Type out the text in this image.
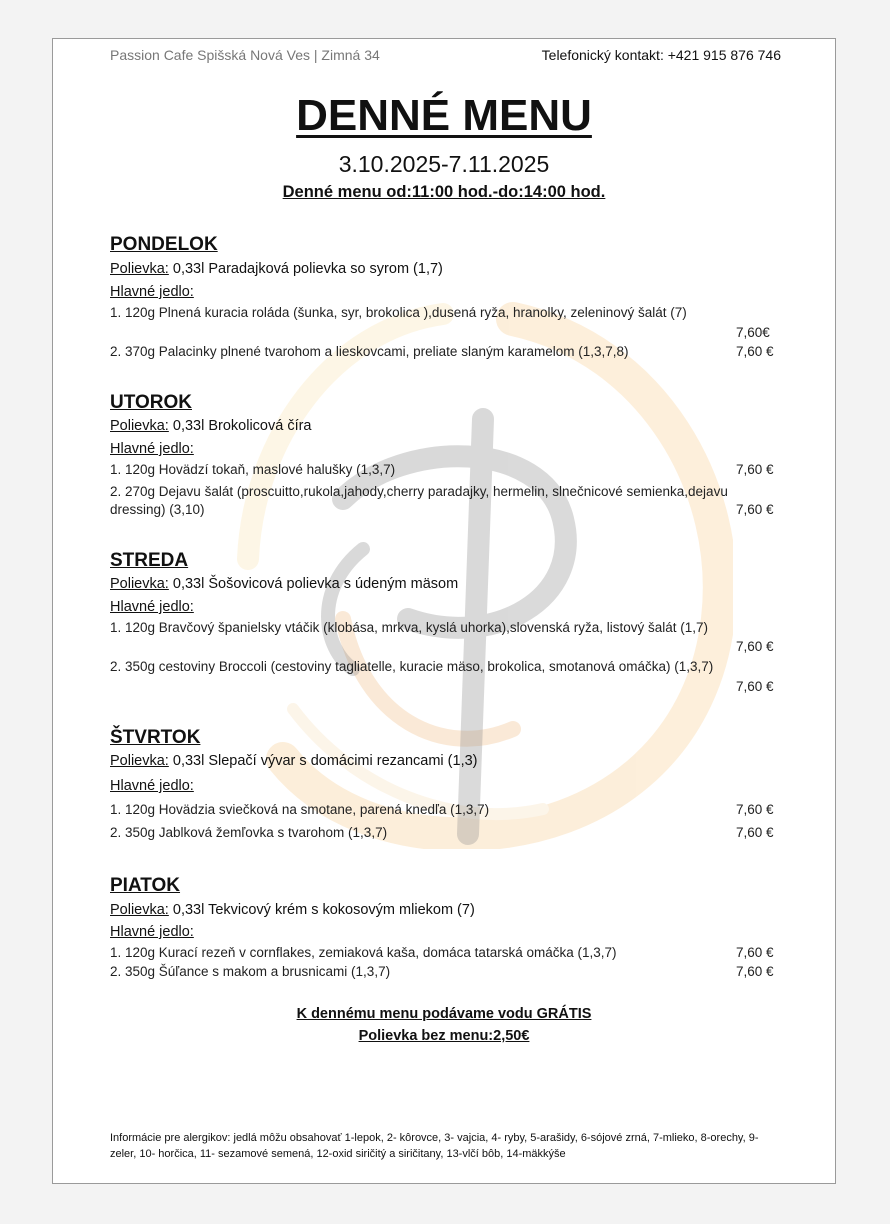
Passion Cafe Spišská Nová Ves | Zimná 34	Telefonický kontakt: +421 915 876 746
DENNÉ MENU
3.10.2025-7.11.2025
Denné menu od:11:00 hod.-do:14:00 hod.
PONDELOK
Polievka: 0,33l Paradajková polievka so syrom (1,7)
Hlavné jedlo:
1. 120g Plnená kuracia roláda (šunka, syr, brokolica ),dusená ryža, hranolky, zeleninový šalát (7)
7,60€
2. 370g Palacinky plnené tvarohom a lieskovcami, preliate slaným karamelom (1,3,7,8)	7,60 €
UTOROK
Polievka: 0,33l Brokolicová číra
Hlavné jedlo:
1. 120g Hovädzí tokaň, maslové halušky (1,3,7)	7,60 €
2. 270g Dejavu šalát (proscuitto,rukola,jahody,cherry paradajky, hermelin, slnečnicové semienka,dejavu
dressing) (3,10)	7,60 €
STREDA
Polievka: 0,33l Šošovicová polievka s údeným mäsom
Hlavné jedlo:
1. 120g Bravčový španielsky vtáčik (klobása, mrkva, kyslá uhorka),slovenská ryža, listový šalát (1,7)
7,60 €
2. 350g cestoviny Broccoli (cestoviny tagliatelle, kuracie mäso, brokolica, smotanová omáčka) (1,3,7)
7,60 €
ŠTVRTOK
Polievka: 0,33l Slepačí vývar s domácimi rezancami (1,3)
Hlavné jedlo:
1. 120g Hovädzia sviečková na smotane, parená knedľa (1,3,7)	7,60 €
2. 350g Jablková žemľovka s tvarohom (1,3,7)	7,60 €
PIATOK
Polievka: 0,33l Tekvicový krém s kokosovým mliekom (7)
Hlavné jedlo:
1. 120g Kurací rezeň v cornflakes, zemiaková kaša, domáca tatarská omáčka (1,3,7)	7,60 €
2. 350g Šúľance s makom a brusnicami (1,3,7)	7,60 €
K dennému menu podávame vodu GRÁTIS
Polievka bez menu:2,50€
Informácie pre alergikov: jedlá môžu obsahovať 1-lepok, 2- kôrovce, 3- vajcia, 4- ryby, 5-arašidy, 6-sójové zrná, 7-mlieko, 8-orechy, 9- zeler, 10- horčica, 11- sezamové semená, 12-oxid siričitý a siričitany, 13-vlčí bôb, 14-mäkkýše
